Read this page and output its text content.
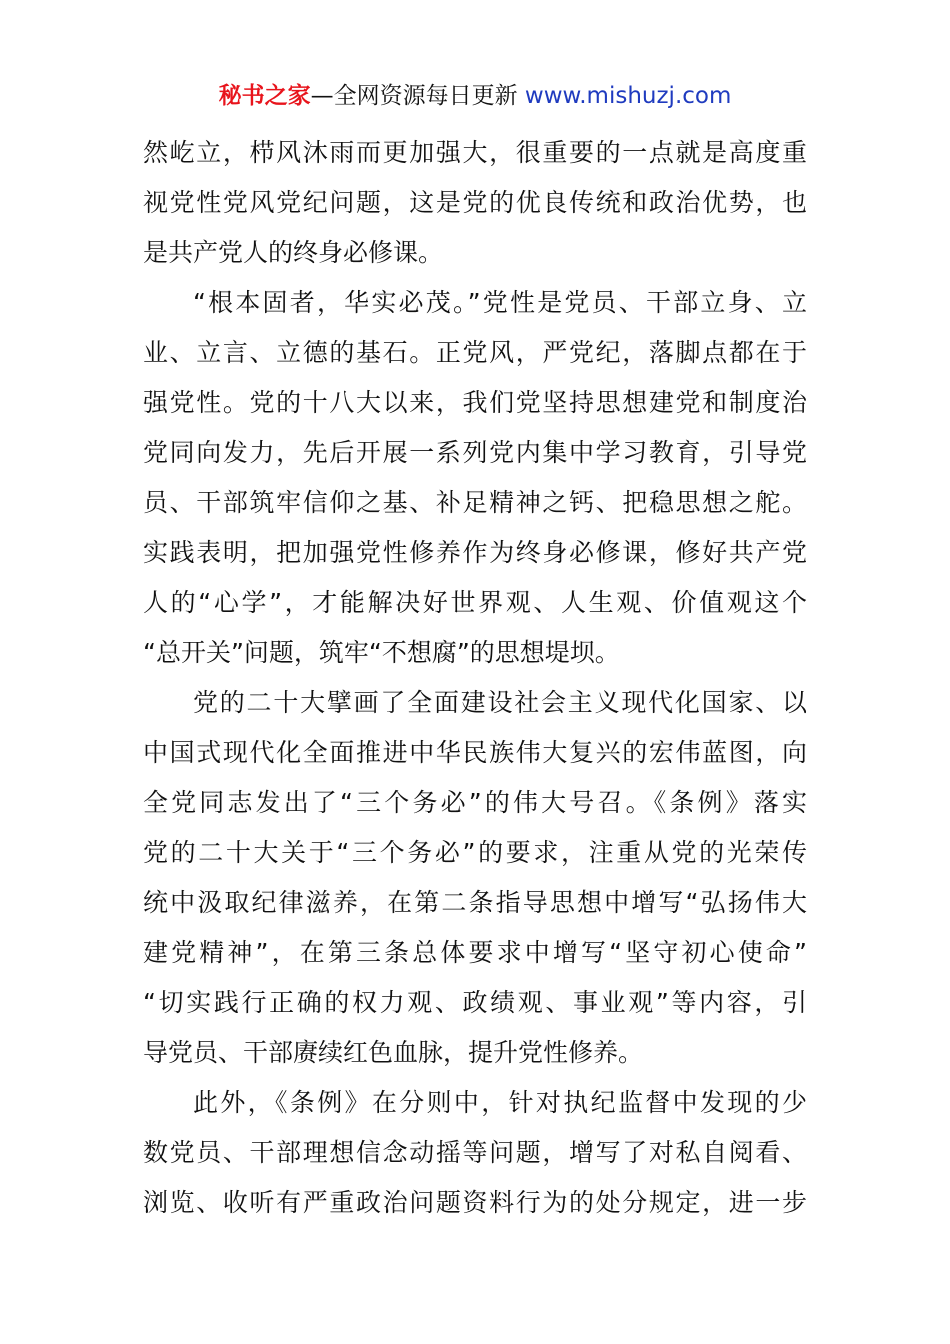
秘书之家—全网资源每日更新 www.mishuzj.com
然屹立，栉风沐雨而更加强大，很重要的一点就是高度重
视党性党风党纪问题，这是党的优良传统和政治优势，也
是共产党人的终身必修课。
“根本固者，华实必茂。”党性是党员、干部立身、立
业、立言、立德的基石。正党风，严党纪，落脚点都在于
强党性。党的十八大以来，我们党坚持思想建党和制度治
党同向发力，先后开展一系列党内集中学习教育，引导党
员、干部筑牢信仰之基、补足精神之钙、把稳思想之舵。
实践表明，把加强党性修养作为终身必修课，修好共产党
人的“心学”，才能解决好世界观、人生观、价值观这个
“总开关”问题，筑牢“不想腐”的思想堤坝。
党的二十大擘画了全面建设社会主义现代化国家、以
中国式现代化全面推进中华民族伟大复兴的宏伟蓝图，向
全党同志发出了“三个务必”的伟大号召。《条例》落实
党的二十大关于“三个务必”的要求，注重从党的光荣传
统中汲取纪律滋养，在第二条指导思想中增写“弘扬伟大
建党精神”，在第三条总体要求中增写“坚守初心使命”
“切实践行正确的权力观、政绩观、事业观”等内容，引
导党员、干部赓续红色血脉，提升党性修养。
此外，《条例》在分则中，针对执纪监督中发现的少
数党员、干部理想信念动摇等问题，增写了对私自阅看、
浏览、收听有严重政治问题资料行为的处分规定，进一步
